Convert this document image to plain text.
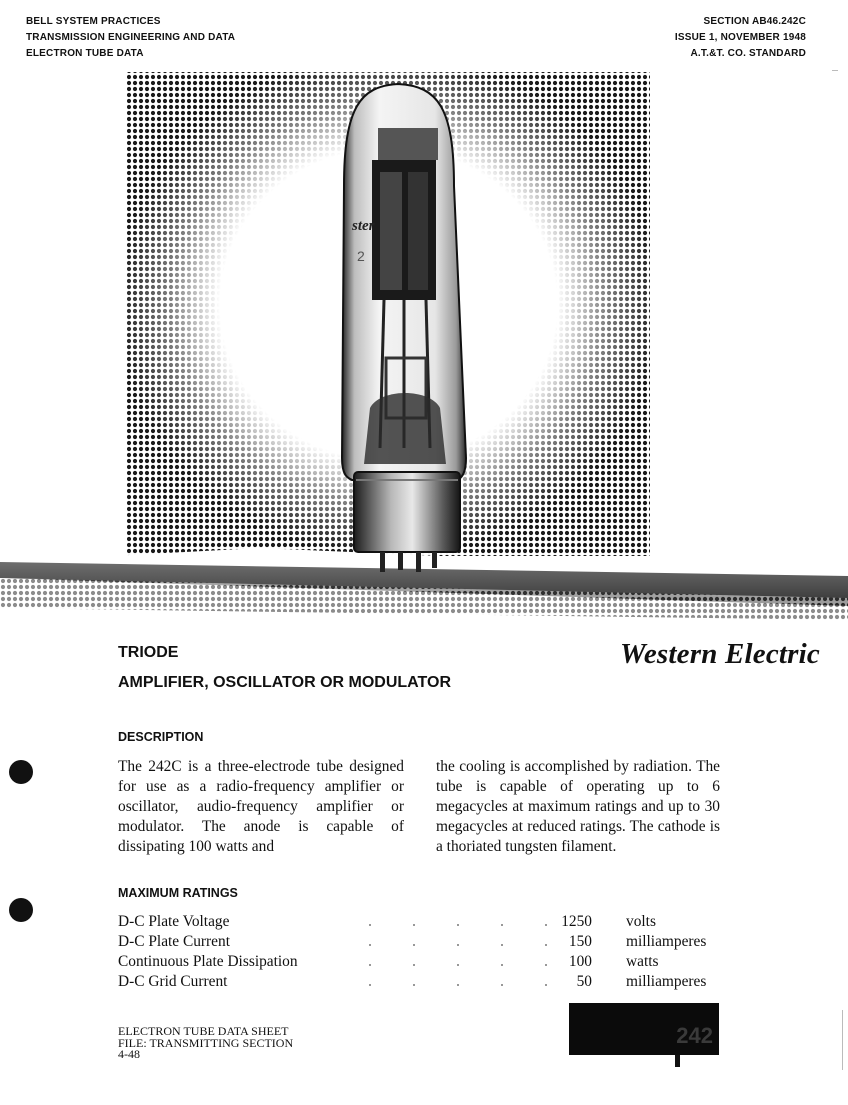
BELL SYSTEM PRACTICES
TRANSMISSION ENGINEERING AND DATA
ELECTRON TUBE DATA
SECTION AB46.242C
ISSUE 1, NOVEMBER 1948
A.T.&T. CO. STANDARD
ster
2
TRIODE
AMPLIFIER, OSCILLATOR OR MODULATOR
Western Electric
DESCRIPTION
The 242C is a three-electrode tube designed for use as a radio-frequency amplifier or oscillator, audio-frequency amplifier or modulator. The anode is capable of dissipating 100 watts and
the cooling is accomplished by radiation. The tube is capable of operating up to 6 megacycles at maximum ratings and up to 30 megacycles at reduced ratings. The cathode is a thoriated tungsten filament.
MAXIMUM RATINGS
D-C Plate Voltage	1250 volts
D-C Plate Current	150 milliamperes
Continuous Plate Dissipation	100 watts
D-C Grid Current	50 milliamperes
ELECTRON TUBE DATA SHEET
FILE: TRANSMITTING SECTION
4-48
242
